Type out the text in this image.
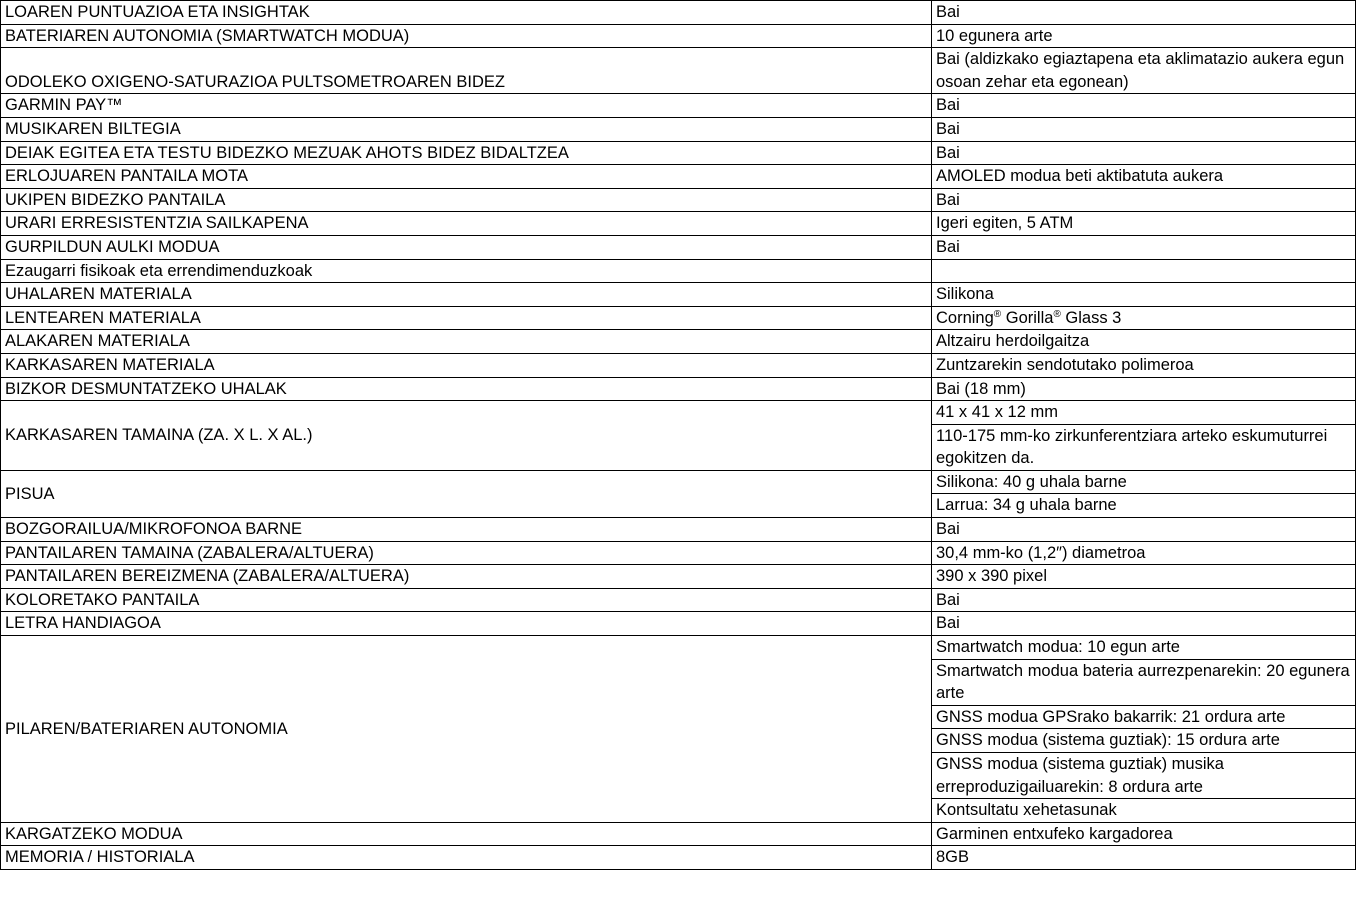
LOAREN PUNTUAZIOA ETA INSIGHTAK	Bai
BATERIAREN AUTONOMIA (SMARTWATCH MODUA)	10 egunera arte
ODOLEKO OXIGENO-SATURAZIOA PULTSOMETROAREN BIDEZ	Bai (aldizkako egiaztapena eta aklimatazio aukera egun osoan zehar eta egonean)
GARMIN PAY™	Bai
MUSIKAREN BILTEGIA	Bai
DEIAK EGITEA ETA TESTU BIDEZKO MEZUAK AHOTS BIDEZ BIDALTZEA	Bai
ERLOJUAREN PANTAILA MOTA	AMOLED modua beti aktibatuta aukera
UKIPEN BIDEZKO PANTAILA	Bai
URARI ERRESISTENTZIA SAILKAPENA	Igeri egiten, 5 ATM
GURPILDUN AULKI MODUA	Bai
Ezaugarri fisikoak eta errendimenduzkoak	
UHALAREN MATERIALA	Silikona
LENTEAREN MATERIALA	Corning® Gorilla® Glass 3
ALAKAREN MATERIALA	Altzairu herdoilgaitza
KARKASAREN MATERIALA	Zuntzarekin sendotutako polimeroa
BIZKOR DESMUNTATZEKO UHALAK	Bai (18 mm)
KARKASAREN TAMAINA (ZA. X L. X AL.)	41 x 41 x 12 mm
	110-175 mm-ko zirkunferentziara arteko eskumuturrei egokitzen da.
PISUA	Silikona: 40 g uhala barne
	Larrua: 34 g uhala barne
BOZGORAILUA/MIKROFONOA BARNE	Bai
PANTAILAREN TAMAINA (ZABALERA/ALTUERA)	30,4 mm-ko (1,2″) diametroa
PANTAILAREN BEREIZMENA (ZABALERA/ALTUERA)	390 x 390 pixel
KOLORETAKO PANTAILA	Bai
LETRA HANDIAGOA	Bai
PILAREN/BATERIAREN AUTONOMIA	Smartwatch modua: 10 egun arte
	Smartwatch modua bateria aurrezpenarekin: 20 egunera arte
	GNSS modua GPSrako bakarrik: 21 ordura arte
	GNSS modua (sistema guztiak): 15 ordura arte
	GNSS modua (sistema guztiak) musika erreproduzigailuarekin: 8 ordura arte
	Kontsultatu xehetasunak
KARGATZEKO MODUA	Garminen entxufeko kargadorea
MEMORIA / HISTORIALA	8GB
